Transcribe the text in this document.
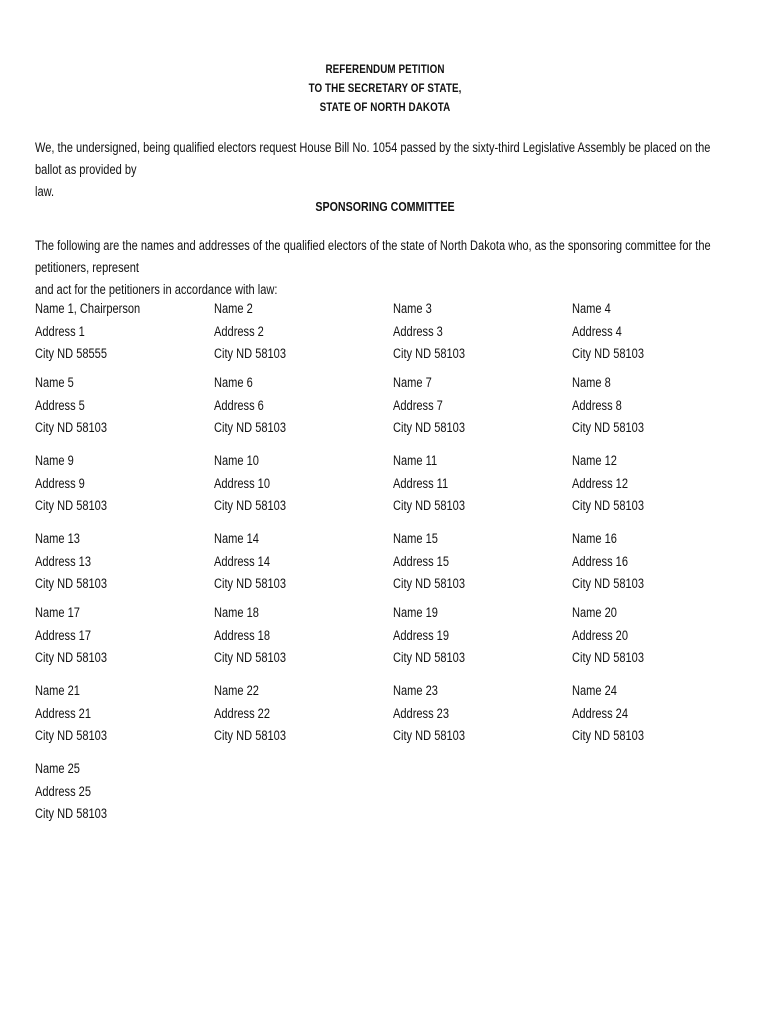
REFERENDUM PETITION
TO THE SECRETARY OF STATE,
STATE OF NORTH DAKOTA
We, the undersigned, being qualified electors request House Bill No. 1054 passed by the sixty-third Legislative Assembly be placed on the ballot as provided by
law.
SPONSORING COMMITTEE
The following are the names and addresses of the qualified electors of the state of North Dakota who, as the sponsoring committee for the petitioners, represent
and act for the petitioners in accordance with law:
Name 1, Chairperson
Address 1
City ND 58555
Name 2
Address 2
City ND 58103
Name 3
Address 3
City ND 58103
Name 4
Address 4
City ND 58103
Name 5
Address 5
City ND 58103
Name 6
Address 6
City ND 58103
Name 7
Address 7
City ND 58103
Name 8
Address 8
City ND 58103
Name 9
Address 9
City ND 58103
Name 10
Address 10
City ND 58103
Name 11
Address 11
City ND 58103
Name 12
Address 12
City ND 58103
Name 13
Address 13
City ND 58103
Name 14
Address 14
City ND 58103
Name 15
Address 15
City ND 58103
Name 16
Address 16
City ND 58103
Name 17
Address 17
City ND 58103
Name 18
Address 18
City ND 58103
Name 19
Address 19
City ND 58103
Name 20
Address 20
City ND 58103
Name 21
Address 21
City ND 58103
Name 22
Address 22
City ND 58103
Name 23
Address 23
City ND 58103
Name 24
Address 24
City ND 58103
Name 25
Address 25
City ND 58103
